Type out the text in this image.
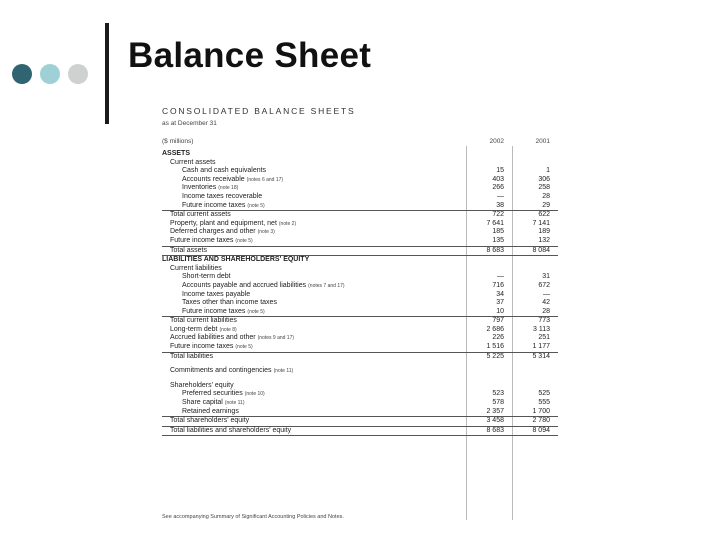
Balance Sheet
CONSOLIDATED BALANCE SHEETS
as at December 31
($ millions)	2002	2001
ASSETS
Current assets
Cash and cash equivalents	15	1
Accounts receivable (notes 6 and 17)	403	306
Inventories (note 18)	266	258
Income taxes recoverable	—	28
Future income taxes (note 5)	38	29
Total current assets	722	622
Property, plant and equipment, net (note 2)	7 641	7 141
Deferred charges and other (note 3)	185	189
Future income taxes (note 5)	135	132
Total assets	8 683	8 084
LIABILITIES AND SHAREHOLDERS' EQUITY
Current liabilities
Short-term debt	—	31
Accounts payable and accrued liabilities (notes 7 and 17)	716	672
Income taxes payable	34	—
Taxes other than income taxes	37	42
Future income taxes (note 5)	10	28
Total current liabilities	797	773
Long-term debt (note 8)	2 686	3 113
Accrued liabilities and other (notes 9 and 17)	226	251
Future income taxes (note 5)	1 516	1 177
Total liabilities	5 225	5 314
Commitments and contingencies (note 11)
Shareholders' equity
Preferred securities (note 10)	523	525
Share capital (note 11)	578	555
Retained earnings	2 357	1 700
Total shareholders' equity	3 458	2 780
Total liabilities and shareholders' equity	8 683	8 094
See accompanying Summary of Significant Accounting Policies and Notes.
